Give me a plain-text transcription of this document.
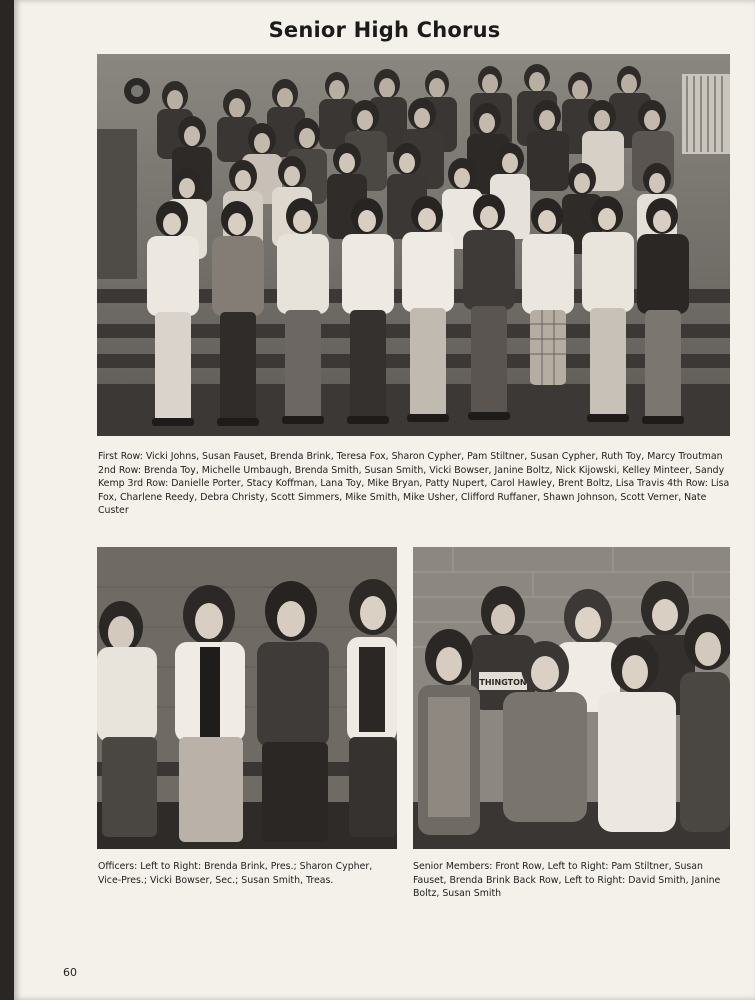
Senior High Chorus

First Row: Vicki Johns, Susan Fauset, Brenda Brink, Teresa Fox, Sharon Cypher, Pam Stiltner, Susan Cypher, Ruth Toy, Marcy Troutman 2nd Row: Brenda Toy, Michelle Umbaugh, Brenda Smith, Susan Smith, Vicki Bowser, Janine Boltz, Nick Kijowski, Kelley Minteer, Sandy Kemp 3rd Row: Danielle Porter, Stacy Koffman, Lana Toy, Mike Bryan, Patty Nupert, Carol Hawley, Brent Boltz, Lisa Travis 4th Row: Lisa Fox, Charlene Reedy, Debra Christy, Scott Simmers, Mike Smith, Mike Usher, Clifford Ruffaner, Shawn Johnson, Scott Verner, Nate Custer

Officers: Left to Right: Brenda Brink, Pres.; Sharon Cypher, Vice-Pres.; Vicki Bowser, Sec.; Susan Smith, Treas.

THINGTON

Senior Members: Front Row, Left to Right: Pam Stiltner, Susan Fauset, Brenda Brink Back Row, Left to Right: David Smith, Janine Boltz, Susan Smith

60
